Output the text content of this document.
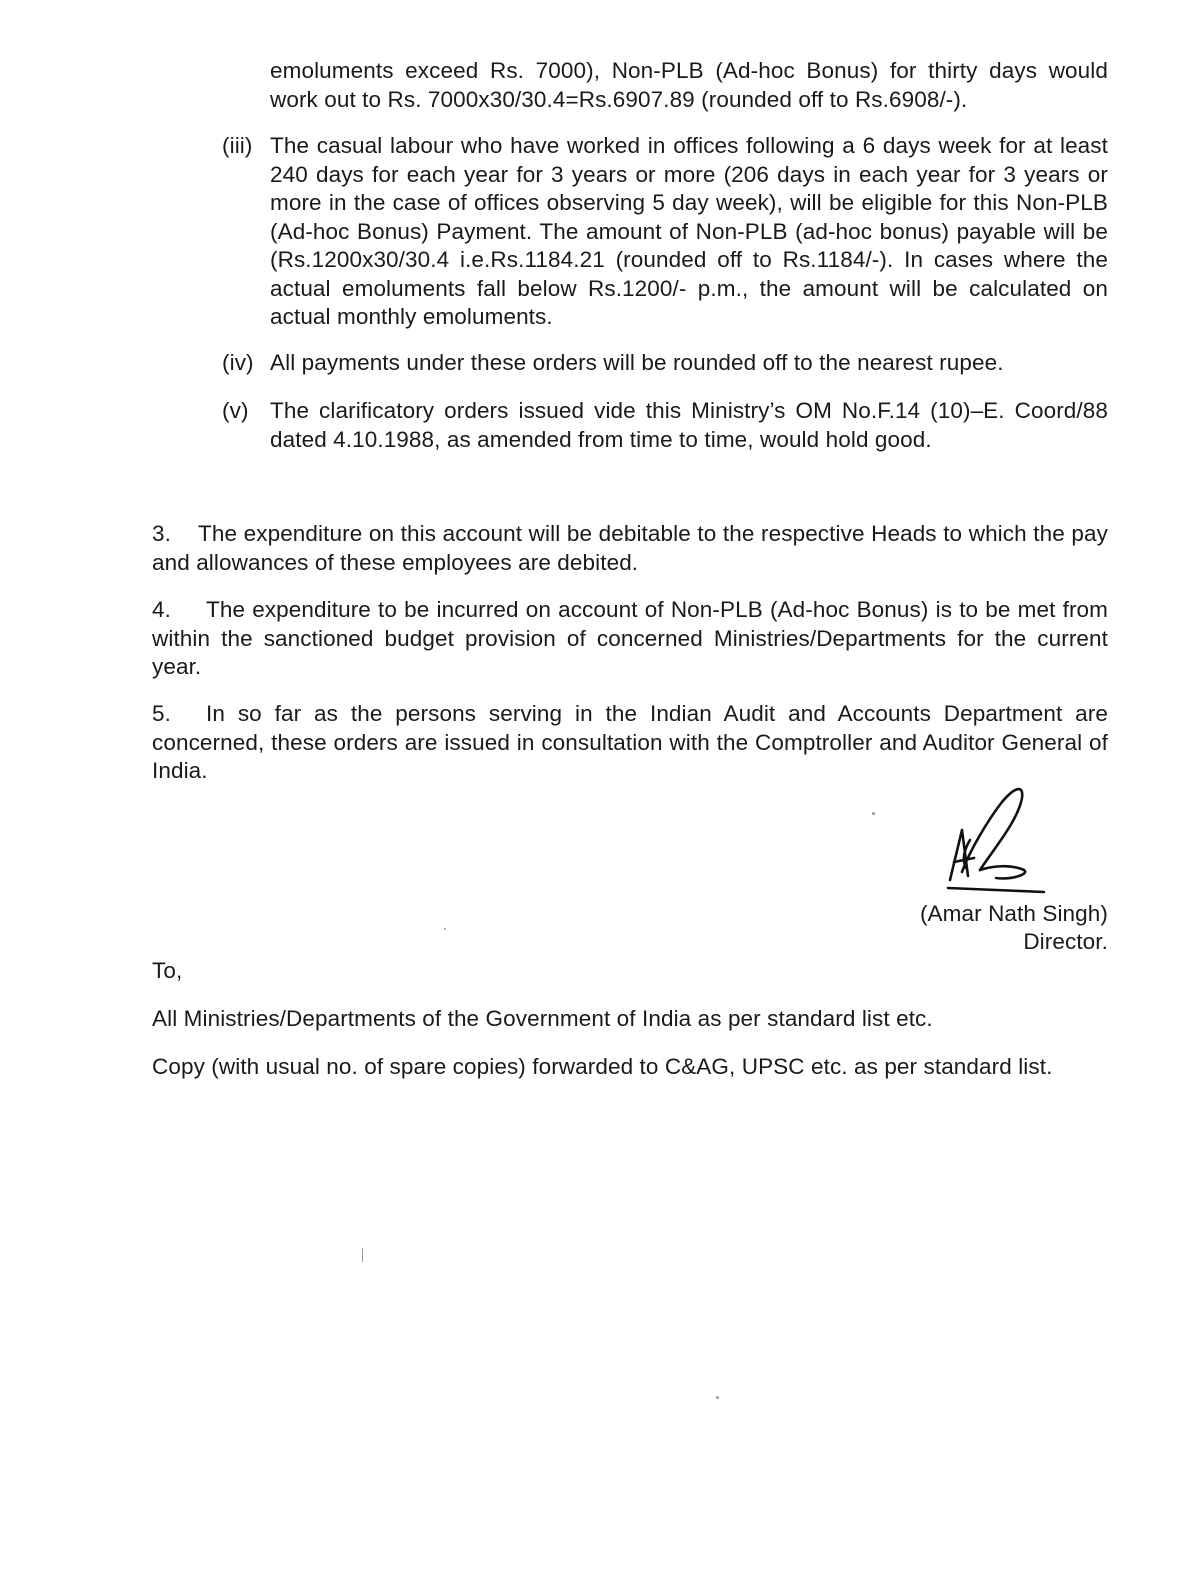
emoluments exceed Rs. 7000), Non-PLB (Ad-hoc Bonus) for thirty days would work out to Rs. 7000x30/30.4=Rs.6907.89 (rounded off to Rs.6908/-).
(iii) The casual labour who have worked in offices following a 6 days week for at least 240 days for each year for 3 years or more (206 days in each year for 3 years or more in the case of offices observing 5 day week), will be eligible for this Non-PLB (Ad-hoc Bonus) Payment. The amount of Non-PLB (ad-hoc bonus) payable will be (Rs.1200x30/30.4 i.e.Rs.1184.21 (rounded off to Rs.1184/-). In cases where the actual emoluments fall below Rs.1200/- p.m., the amount will be calculated on actual monthly emoluments.
(iv) All payments under these orders will be rounded off to the nearest rupee.
(v) The clarificatory orders issued vide this Ministry’s OM No.F.14 (10)–E. Coord/88 dated 4.10.1988, as amended from time to time, would hold good.
3. The expenditure on this account will be debitable to the respective Heads to which the pay and allowances of these employees are debited.
4. The expenditure to be incurred on account of Non-PLB (Ad-hoc Bonus) is to be met from within the sanctioned budget provision of concerned Ministries/Departments for the current year.
5. In so far as the persons serving in the Indian Audit and Accounts Department are concerned, these orders are issued in consultation with the Comptroller and Auditor General of India.
(Amar Nath Singh)
Director.
To,
All Ministries/Departments of the Government of India as per standard list etc.
Copy (with usual no. of spare copies) forwarded to C&AG, UPSC etc. as per standard list.
